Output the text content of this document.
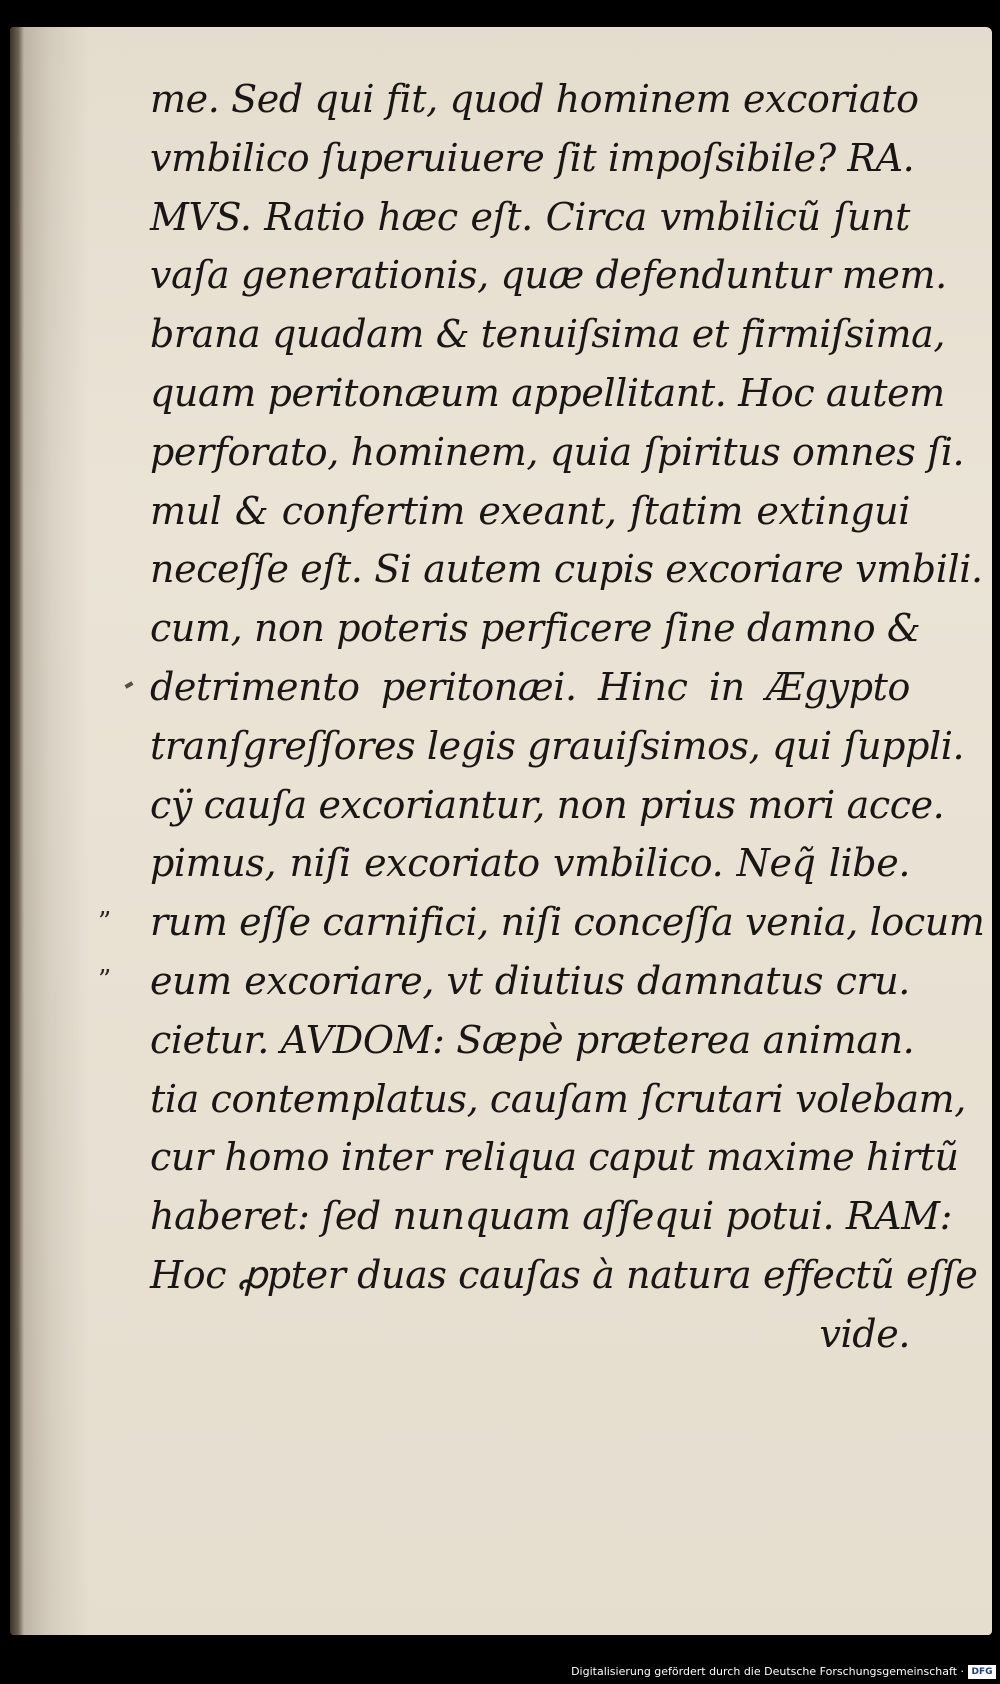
”
”
me. Sed qui fit, quod hominem excoriato
vmbilico ſuperuiuere ſit impoſsibile? RA.
MVS. Ratio hæc eſt. Circa vmbilicũ ſunt
vaſa generationis, quæ defenduntur mem.
brana quadam & tenuiſsima et firmiſsima,
quam peritonæum appellitant. Hoc autem
perforato, hominem, quia ſpiritus omnes ſi.
mul & confertim exeant, ſtatim extingui
neceſſe eſt. Si autem cupis excoriare vmbili.
cum, non poteris perficere ſine damno &
detrimento peritonæi. Hinc in Ægypto
tranſgreſſores legis grauiſsimos, qui ſuppli.
cÿ cauſa excoriantur, non prius mori acce.
pimus, niſi excoriato vmbilico. Neq̃ libe.
rum eſſe carnifici, niſi conceſſa venia, locum
eum excoriare, vt diutius damnatus cru.
cietur. AVDOM: Sæpè præterea animan.
tia contemplatus, cauſam ſcrutari volebam,
cur homo inter reliqua caput maxime hirtũ
haberet: ſed nunquam aſſequi potui. RAM:
Hoc ꝓpter duas cauſas à natura effectũ eſſe
vide.
Digitalisierung gefördert durch die Deutsche Forschungsgemeinschaft · DFG
